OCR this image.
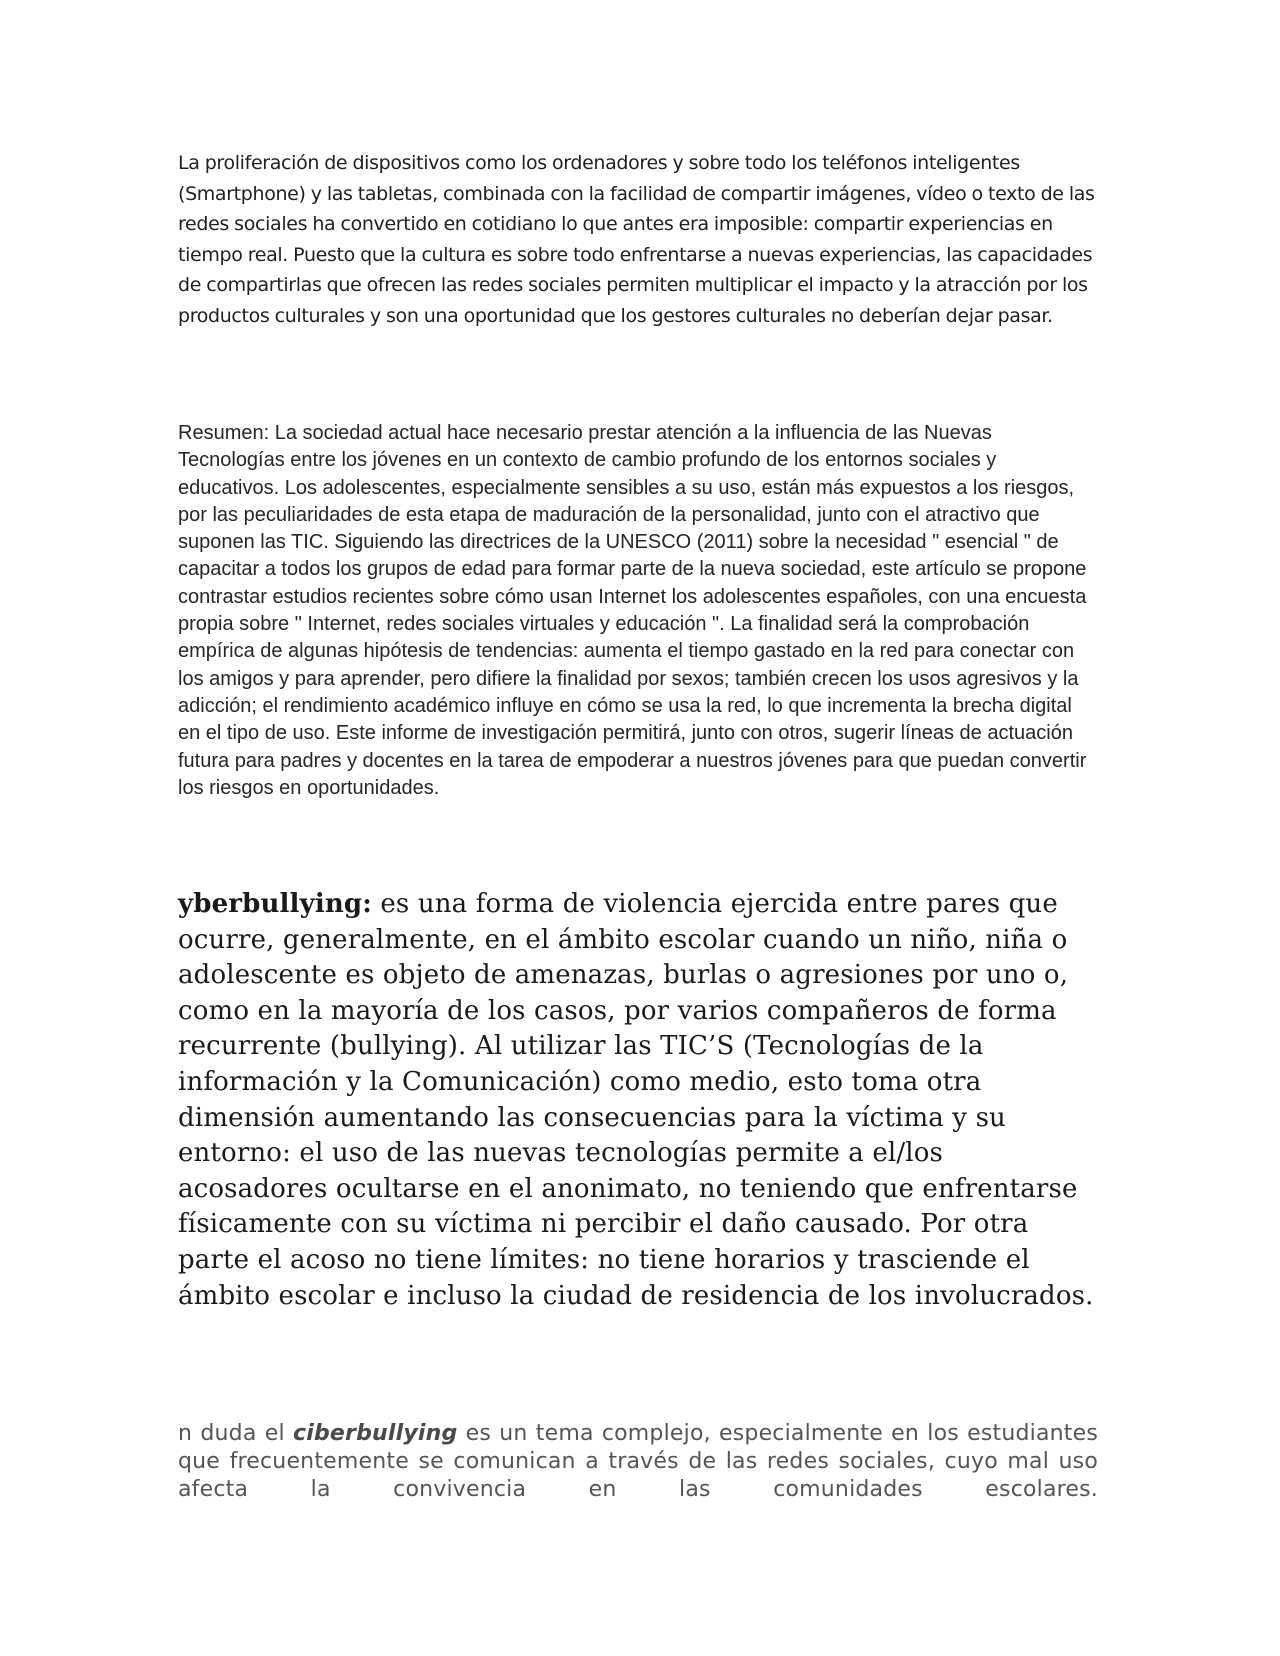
La proliferación de dispositivos como los ordenadores y sobre todo los teléfonos inteligentes (Smartphone) y las tabletas, combinada con la facilidad de compartir imágenes, vídeo o texto de las redes sociales ha convertido en cotidiano lo que antes era imposible: compartir experiencias en tiempo real. Puesto que la cultura es sobre todo enfrentarse a nuevas experiencias, las capacidades de compartirlas que ofrecen las redes sociales permiten multiplicar el impacto y la atracción por los productos culturales y son una oportunidad que los gestores culturales no deberían dejar pasar.

Resumen: La sociedad actual hace necesario prestar atención a la influencia de las Nuevas Tecnologías entre los jóvenes en un contexto de cambio profundo de los entornos sociales y educativos. Los adolescentes, especialmente sensibles a su uso, están más expuestos a los riesgos, por las peculiaridades de esta etapa de maduración de la personalidad, junto con el atractivo que suponen las TIC. Siguiendo las directrices de la UNESCO (2011) sobre la necesidad " esencial " de capacitar a todos los grupos de edad para formar parte de la nueva sociedad, este artículo se propone contrastar estudios recientes sobre cómo usan Internet los adolescentes españoles, con una encuesta propia sobre " Internet, redes sociales virtuales y educación ". La finalidad será la comprobación empírica de algunas hipótesis de tendencias: aumenta el tiempo gastado en la red para conectar con los amigos y para aprender, pero difiere la finalidad por sexos; también crecen los usos agresivos y la adicción; el rendimiento académico influye en cómo se usa la red, lo que incrementa la brecha digital en el tipo de uso. Este informe de investigación permitirá, junto con otros, sugerir líneas de actuación futura para padres y docentes en la tarea de empoderar a nuestros jóvenes para que puedan convertir los riesgos en oportunidades.

yberbullying: es una forma de violencia ejercida entre pares que ocurre, generalmente, en el ámbito escolar cuando un niño, niña o adolescente es objeto de amenazas, burlas o agresiones por uno o, como en la mayoría de los casos, por varios compañeros de forma recurrente (bullying). Al utilizar las TIC’S (Tecnologías de la información y la Comunicación) como medio, esto toma otra dimensión aumentando las consecuencias para la víctima y su entorno: el uso de las nuevas tecnologías permite a el/los acosadores ocultarse en el anonimato, no teniendo que enfrentarse físicamente con su víctima ni percibir el daño causado. Por otra parte el acoso no tiene límites: no tiene horarios y trasciende el ámbito escolar e incluso la ciudad de residencia de los involucrados.

n duda el ciberbullying es un tema complejo, especialmente en los estudiantes que frecuentemente se comunican a través de las redes sociales, cuyo mal uso afecta la convivencia en las comunidades escolares.
